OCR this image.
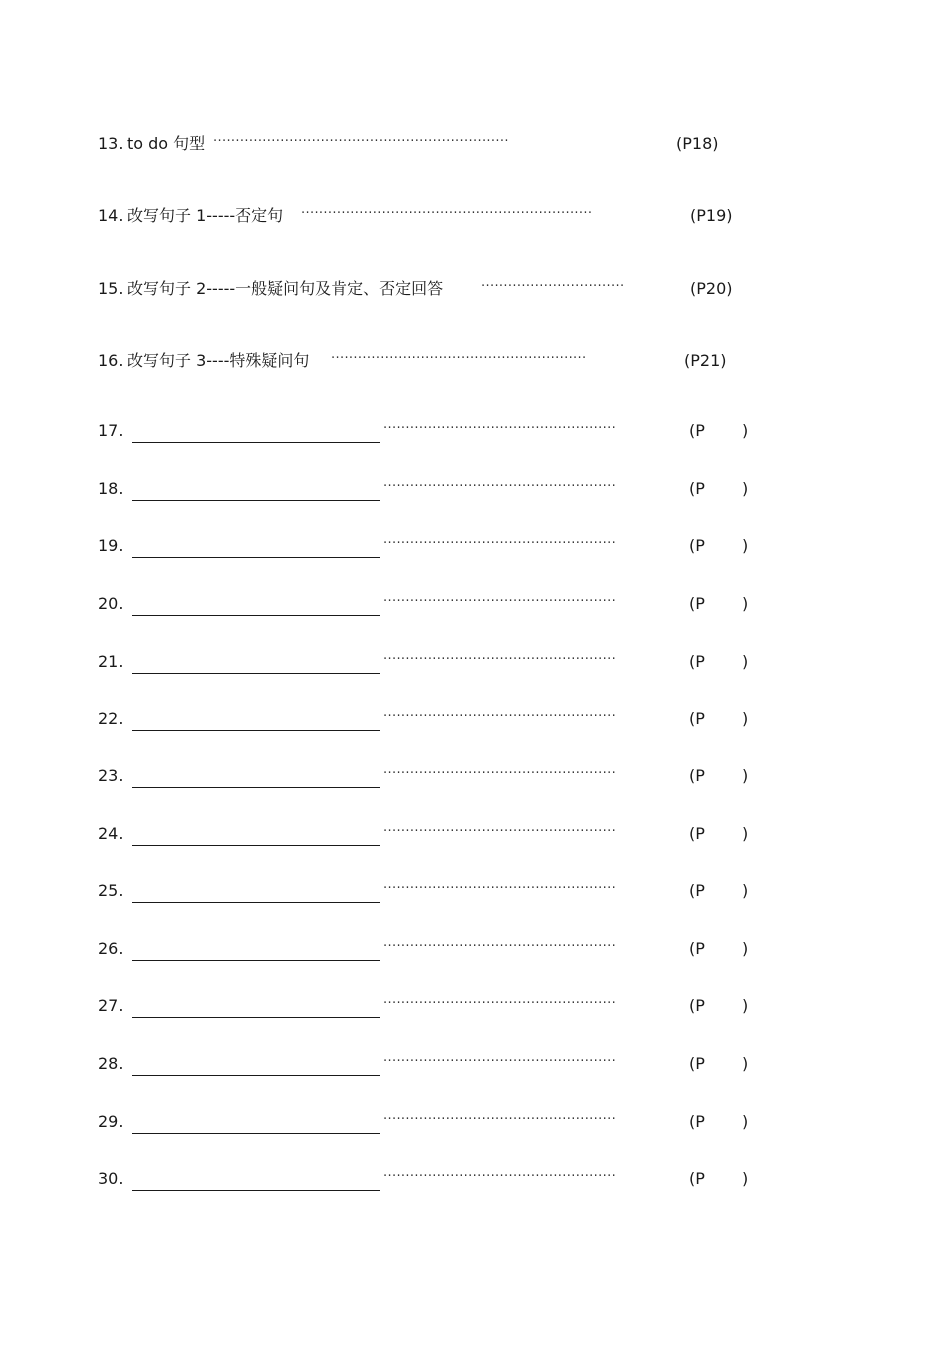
13. to do 句型 ··································································	(P18)
14. 改写句子 1-----否定句 ·································································	(P19)
15. 改写句子 2-----一般疑问句及肯定、否定回答	································	(P20)
16. 改写句子 3----特殊疑问句 ·························································	(P21)
17.	····················································	(P )
18.	····················································	(P )
19.	····················································	(P )
20.	····················································	(P )
21.	····················································	(P )
22.	····················································	(P )
23.	····················································	(P )
24.	····················································	(P )
25.	····················································	(P )
26.	····················································	(P )
27.	····················································	(P )
28.	····················································	(P )
29.	····················································	(P )
30.	····················································	(P )
